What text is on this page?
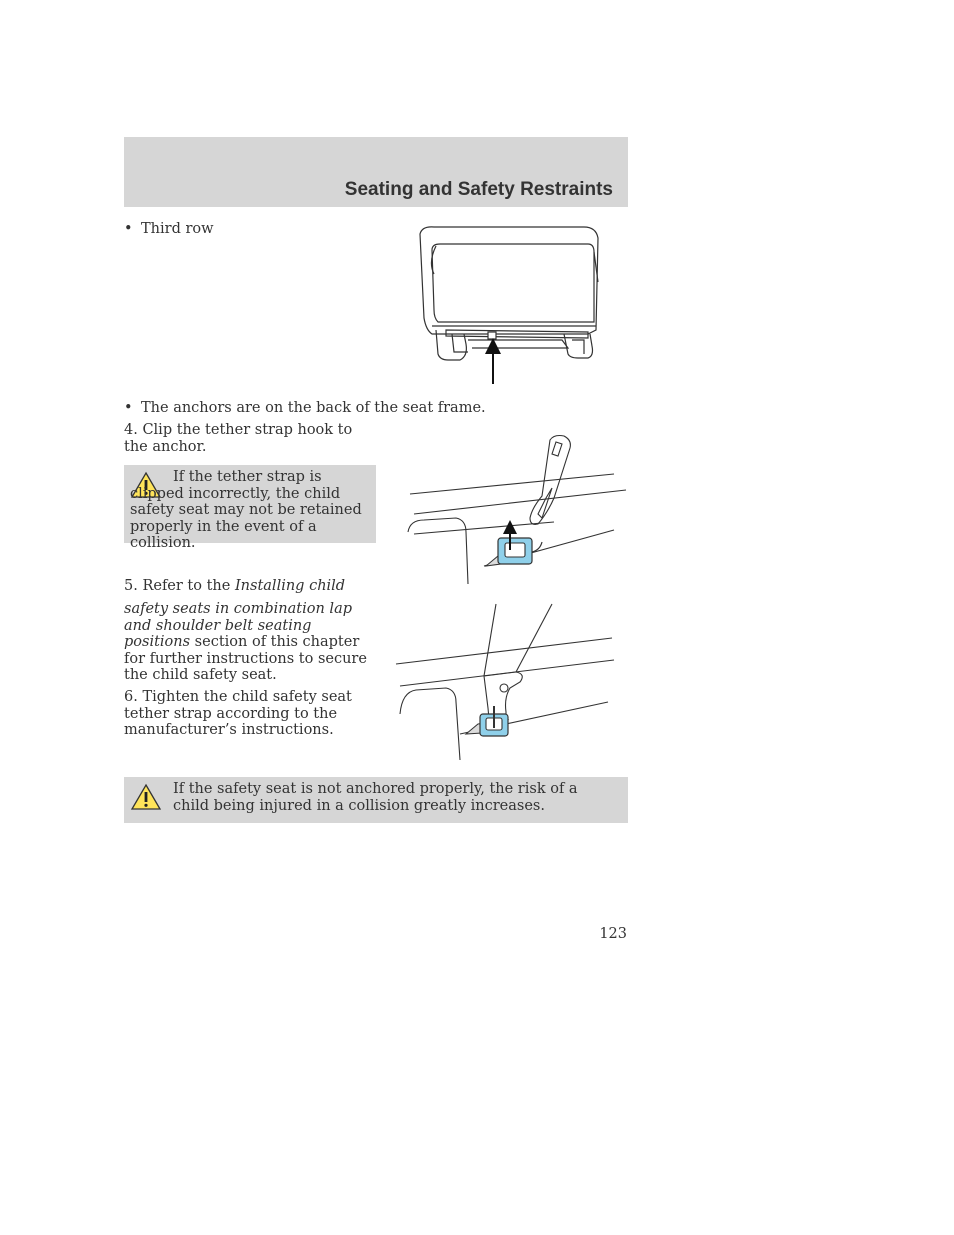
Seating and Safety Restraints
• Third row
• The anchors are on the back of the seat frame.

4. Clip the tether strap hook to the anchor.

If the tether strap is clipped incorrectly, the child safety seat may not be retained properly in the event of a collision.

5. Refer to the Installing child

safety seats in combination lap and shoulder belt seating positions section of this chapter for further instructions to secure the child safety seat.

6. Tighten the child safety seat tether strap according to the manufacturer’s instructions.

If the safety seat is not anchored properly, the risk of a child being injured in a collision greatly increases.

123
